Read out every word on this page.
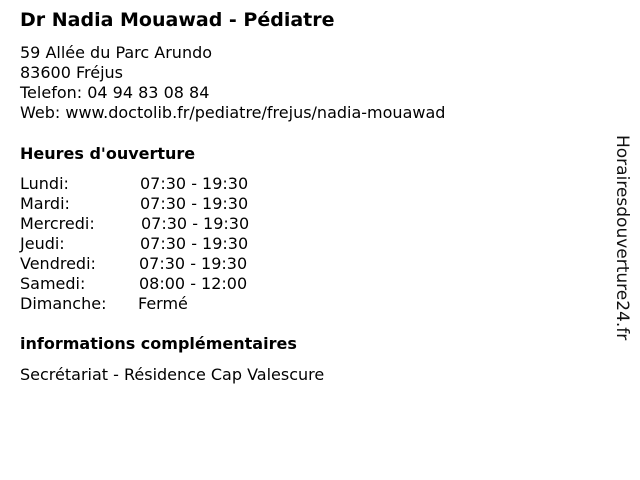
Dr Nadia Mouawad - Pédiatre
59 Allée du Parc Arundo
83600 Fréjus
Telefon: 04 94 83 08 84
Web: www.doctolib.fr/pediatre/frejus/nadia-mouawad
Heures d'ouverture
Lundi:	07:30 - 19:30
Mardi:	07:30 - 19:30
Mercredi:	07:30 - 19:30
Jeudi:	07:30 - 19:30
Vendredi:	07:30 - 19:30
Samedi:	08:00 - 12:00
Dimanche: Fermé
informations complémentaires
Secrétariat - Résidence Cap Valescure
Horairesdouverture24.fr
